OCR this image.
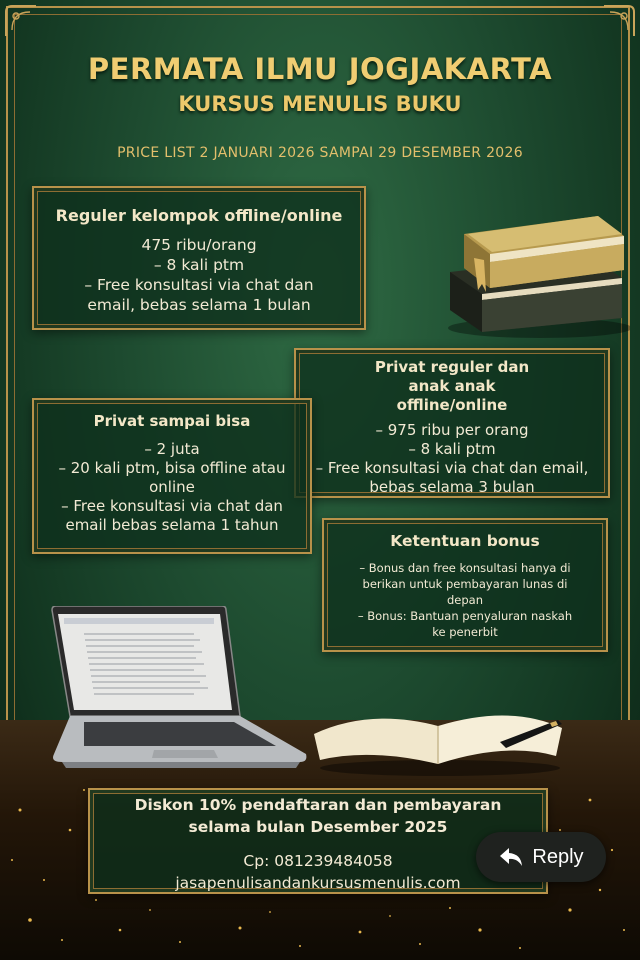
PERMATA ILMU JOGJAKARTA
KURSUS MENULIS BUKU
PRICE LIST 2 JANUARI 2026 SAMPAI 29 DESEMBER 2026
Reguler kelompok offline/online
475 ribu/orang
– 8 kali ptm
– Free konsultasi via chat dan
email, bebas selama 1 bulan
Privat reguler dan
anak anak
offline/online
– 975 ribu per orang
– 8 kali ptm
– Free konsultasi via chat dan email,
bebas selama 3 bulan
Privat sampai bisa
– 2 juta
– 20 kali ptm, bisa offline atau
online
– Free konsultasi via chat dan
email bebas selama 1 tahun
Ketentuan bonus
– Bonus dan free konsultasi hanya di
berikan untuk pembayaran lunas di
depan
– Bonus: Bantuan penyaluran naskah
ke penerbit
Diskon 10% pendaftaran dan pembayaran
selama bulan Desember 2025
Cp: 081239484058
jasapenulisandankursusmenulis.com
Reply
